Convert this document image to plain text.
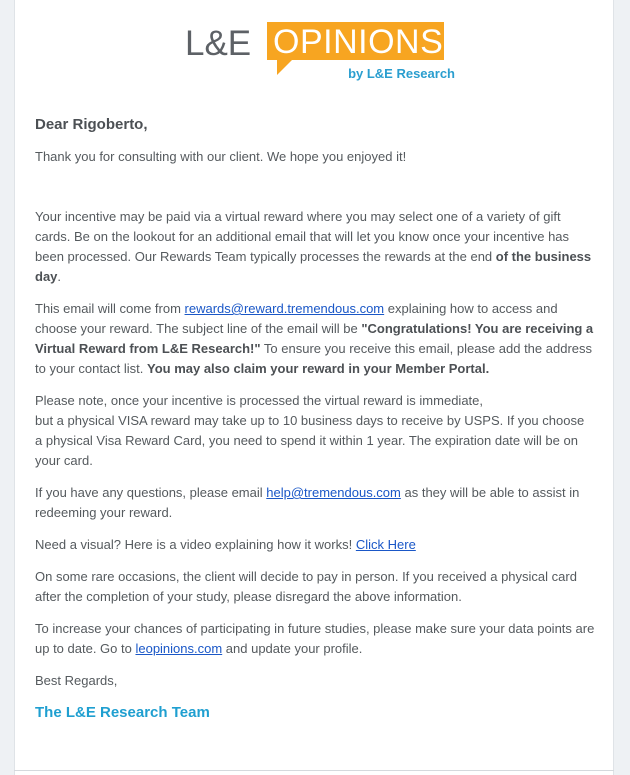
L&E OPINIONS
by L&E Research
Dear Rigoberto,

Thank you for consulting with our client. We hope you enjoyed it!

Your incentive may be paid via a virtual reward where you may select one of a variety of gift cards. Be on the lookout for an additional email that will let you know once your incentive has been processed. Our Rewards Team typically processes the rewards at the end of the business day.

This email will come from rewards@reward.tremendous.com explaining how to access and choose your reward. The subject line of the email will be "Congratulations! You are receiving a Virtual Reward from L&E Research!" To ensure you receive this email, please add the address to your contact list. You may also claim your reward in your Member Portal.

Please note, once your incentive is processed the virtual reward is immediate,
but a physical VISA reward may take up to 10 business days to receive by USPS. If you choose a physical Visa Reward Card, you need to spend it within 1 year. The expiration date will be on your card.

If you have any questions, please email help@tremendous.com as they will be able to assist in redeeming your reward.

Need a visual? Here is a video explaining how it works! Click Here

On some rare occasions, the client will decide to pay in person. If you received a physical card after the completion of your study, please disregard the above information.

To increase your chances of participating in future studies, please make sure your data points are up to date. Go to leopinions.com and update your profile.

Best Regards,

The L&E Research Team
